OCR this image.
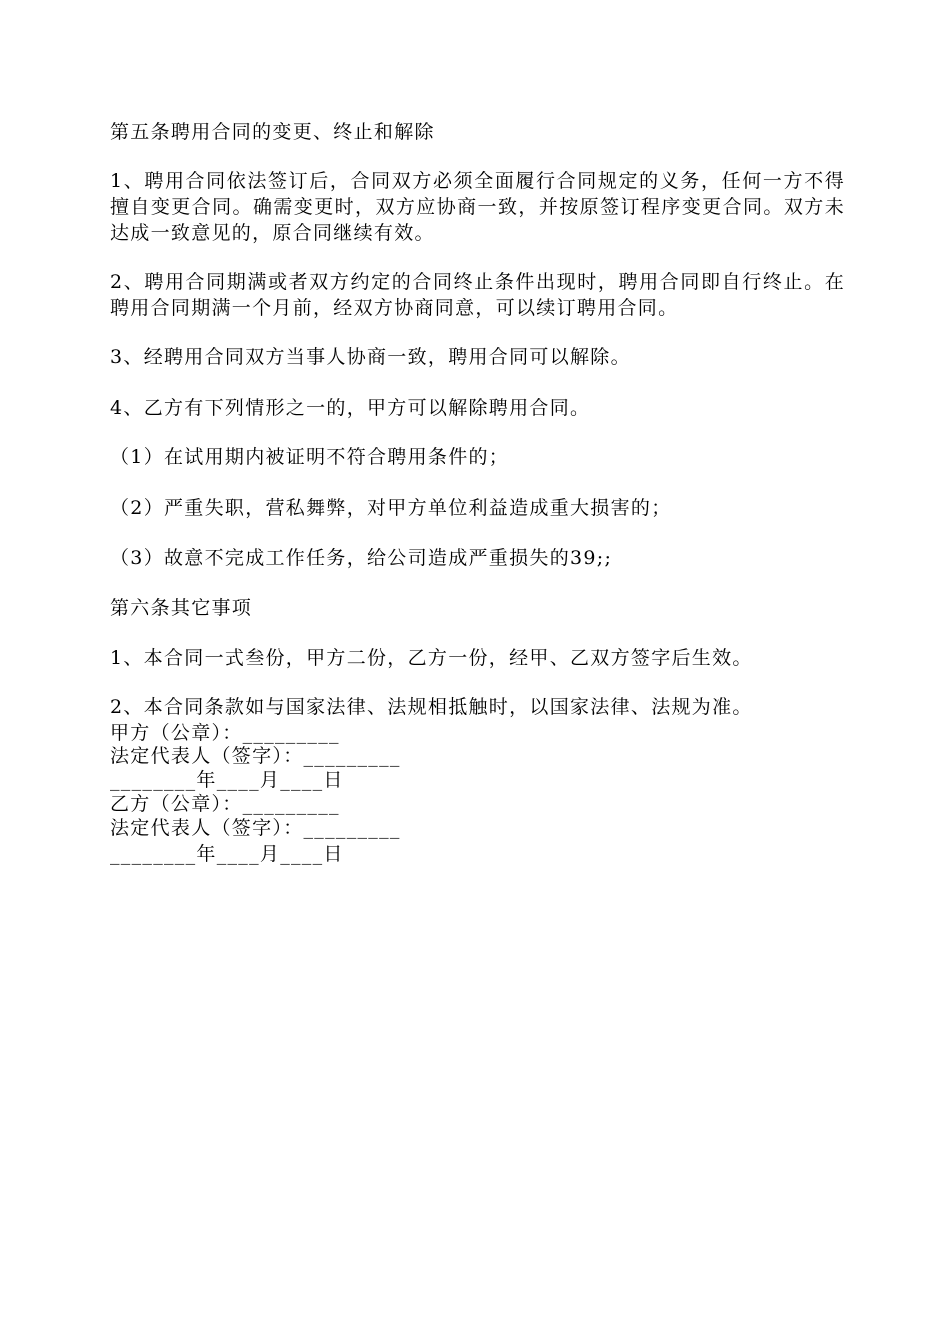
第五条聘用合同的变更、终止和解除
1、聘用合同依法签订后，合同双方必须全面履行合同规定的义务，任何一方不得擅自变更合同。确需变更时，双方应协商一致，并按原签订程序变更合同。双方未达成一致意见的，原合同继续有效。
2、聘用合同期满或者双方约定的合同终止条件出现时，聘用合同即自行终止。在聘用合同期满一个月前，经双方协商同意，可以续订聘用合同。
3、经聘用合同双方当事人协商一致，聘用合同可以解除。
4、乙方有下列情形之一的，甲方可以解除聘用合同。
（1）在试用期内被证明不符合聘用条件的；
（2）严重失职，营私舞弊，对甲方单位利益造成重大损害的；
（3）故意不完成工作任务，给公司造成严重损失的39;;
第六条其它事项
1、本合同一式叁份，甲方二份，乙方一份，经甲、乙双方签字后生效。
2、本合同条款如与国家法律、法规相抵触时，以国家法律、法规为准。
甲方（公章）：_________
法定代表人（签字）：_________
________年____月____日
乙方（公章）：_________
法定代表人（签字）：_________
________年____月____日
